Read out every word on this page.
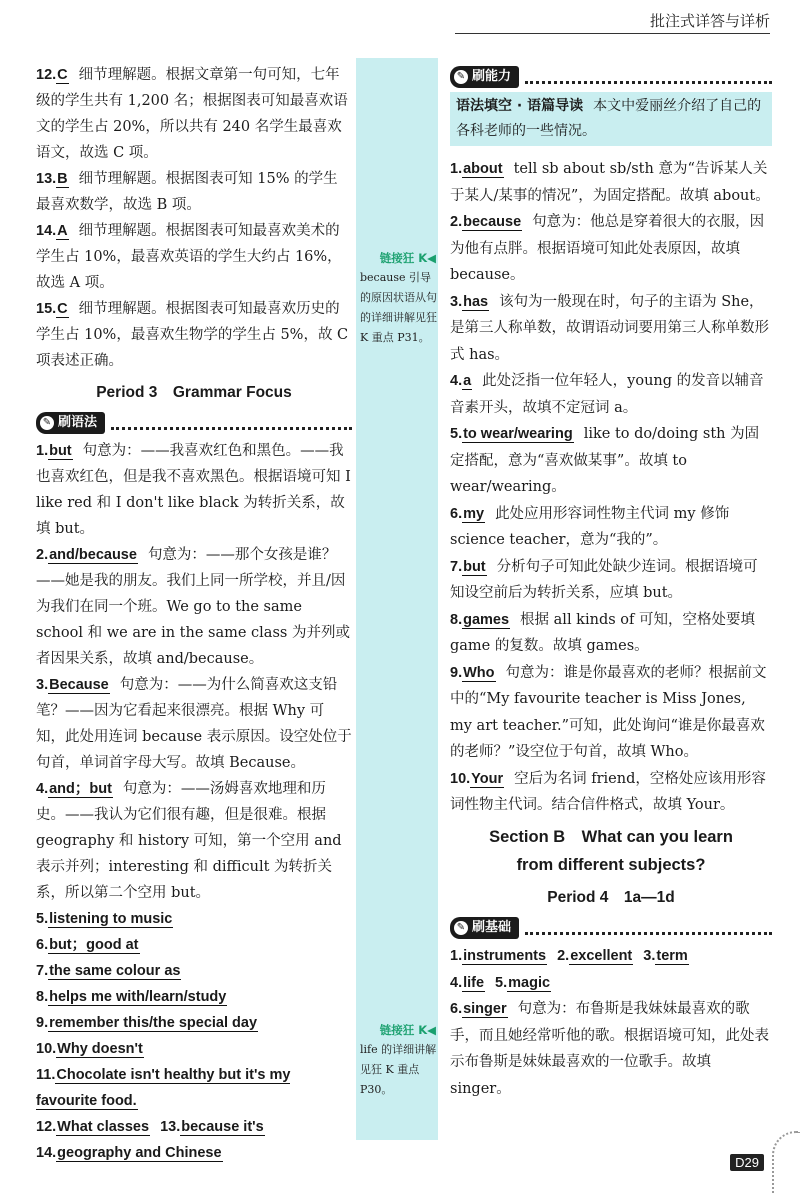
批注式详答与详析

12.C 细节理解题。根据文章第一句可知，七年级的学生共有 1,200 名；根据图表可知最喜欢语文的学生占 20%，所以共有 240 名学生最喜欢语文，故选 C 项。

13.B 细节理解题。根据图表可知 15% 的学生最喜欢数学，故选 B 项。

14.A 细节理解题。根据图表可知最喜欢美术的学生占 10%，最喜欢英语的学生大约占 16%，故选 A 项。

15.C 细节理解题。根据图表可知最喜欢历史的学生占 10%，最喜欢生物学的学生占 5%，故 C 项表述正确。

Period 3　Grammar Focus
✎ 刷语法

1.but 句意为：——我喜欢红色和黑色。——我也喜欢红色，但是我不喜欢黑色。根据语境可知 I like red 和 I don't like black 为转折关系，故填 but。

2.and/because 句意为：——那个女孩是谁？——她是我的朋友。我们上同一所学校，并且/因为我们在同一个班。We go to the same school 和 we are in the same class 为并列或者因果关系，故填 and/because。

3.Because 句意为：——为什么简喜欢这支铅笔？——因为它看起来很漂亮。根据 Why 可知，此处用连词 because 表示原因。设空处位于句首，单词首字母大写。故填 Because。

4.and；but 句意为：——汤姆喜欢地理和历史。——我认为它们很有趣，但是很难。根据 geography 和 history 可知，第一个空用 and 表示并列；interesting 和 difficult 为转折关系，所以第二个空用 but。

5.listening to music

6.but；good at

7.the same colour as

8.helps me with/learn/study

9.remember this/the special day

10.Why doesn't

11.Chocolate isn't healthy but it's my favourite food.

12.What classes 13.because it's

14.geography and Chinese

链接狂 K◀
because 引导的原因状语从句的详细讲解见狂 K 重点 P31。
链接狂 K◀
life 的详细讲解见狂 K 重点 P30。
✎ 刷能力
语法填空 · 语篇导读 本文中爱丽丝介绍了自己的各科老师的一些情况。

1.about tell sb about sb/sth 意为“告诉某人关于某人/某事的情况”，为固定搭配。故填 about。

2.because 句意为：他总是穿着很大的衣服，因为他有点胖。根据语境可知此处表原因，故填 because。

3.has 该句为一般现在时，句子的主语为 She，是第三人称单数，故谓语动词要用第三人称单数形式 has。

4.a 此处泛指一位年轻人，young 的发音以辅音音素开头，故填不定冠词 a。

5.to wear/wearing like to do/doing sth 为固定搭配，意为“喜欢做某事”。故填 to wear/wearing。

6.my 此处应用形容词性物主代词 my 修饰 science teacher，意为“我的”。

7.but 分析句子可知此处缺少连词。根据语境可知设空前后为转折关系，应填 but。

8.games 根据 all kinds of 可知，空格处要填 game 的复数。故填 games。

9.Who 句意为：谁是你最喜欢的老师？根据前文中的“My favourite teacher is Miss Jones, my art teacher.”可知，此处询问“谁是你最喜欢的老师？”设空位于句首，故填 Who。

10.Your 空后为名词 friend，空格处应该用形容词性物主代词。结合信件格式，故填 Your。

Section B　What can you learn
from different subjects?
Period 4　1a—1d
✎ 刷基础

1.instruments 2.excellent 3.term

4.life 5.magic

6.singer 句意为：布鲁斯是我妹妹最喜欢的歌手，而且她经常听他的歌。根据语境可知，此处表示布鲁斯是妹妹最喜欢的一位歌手。故填 singer。

D29
